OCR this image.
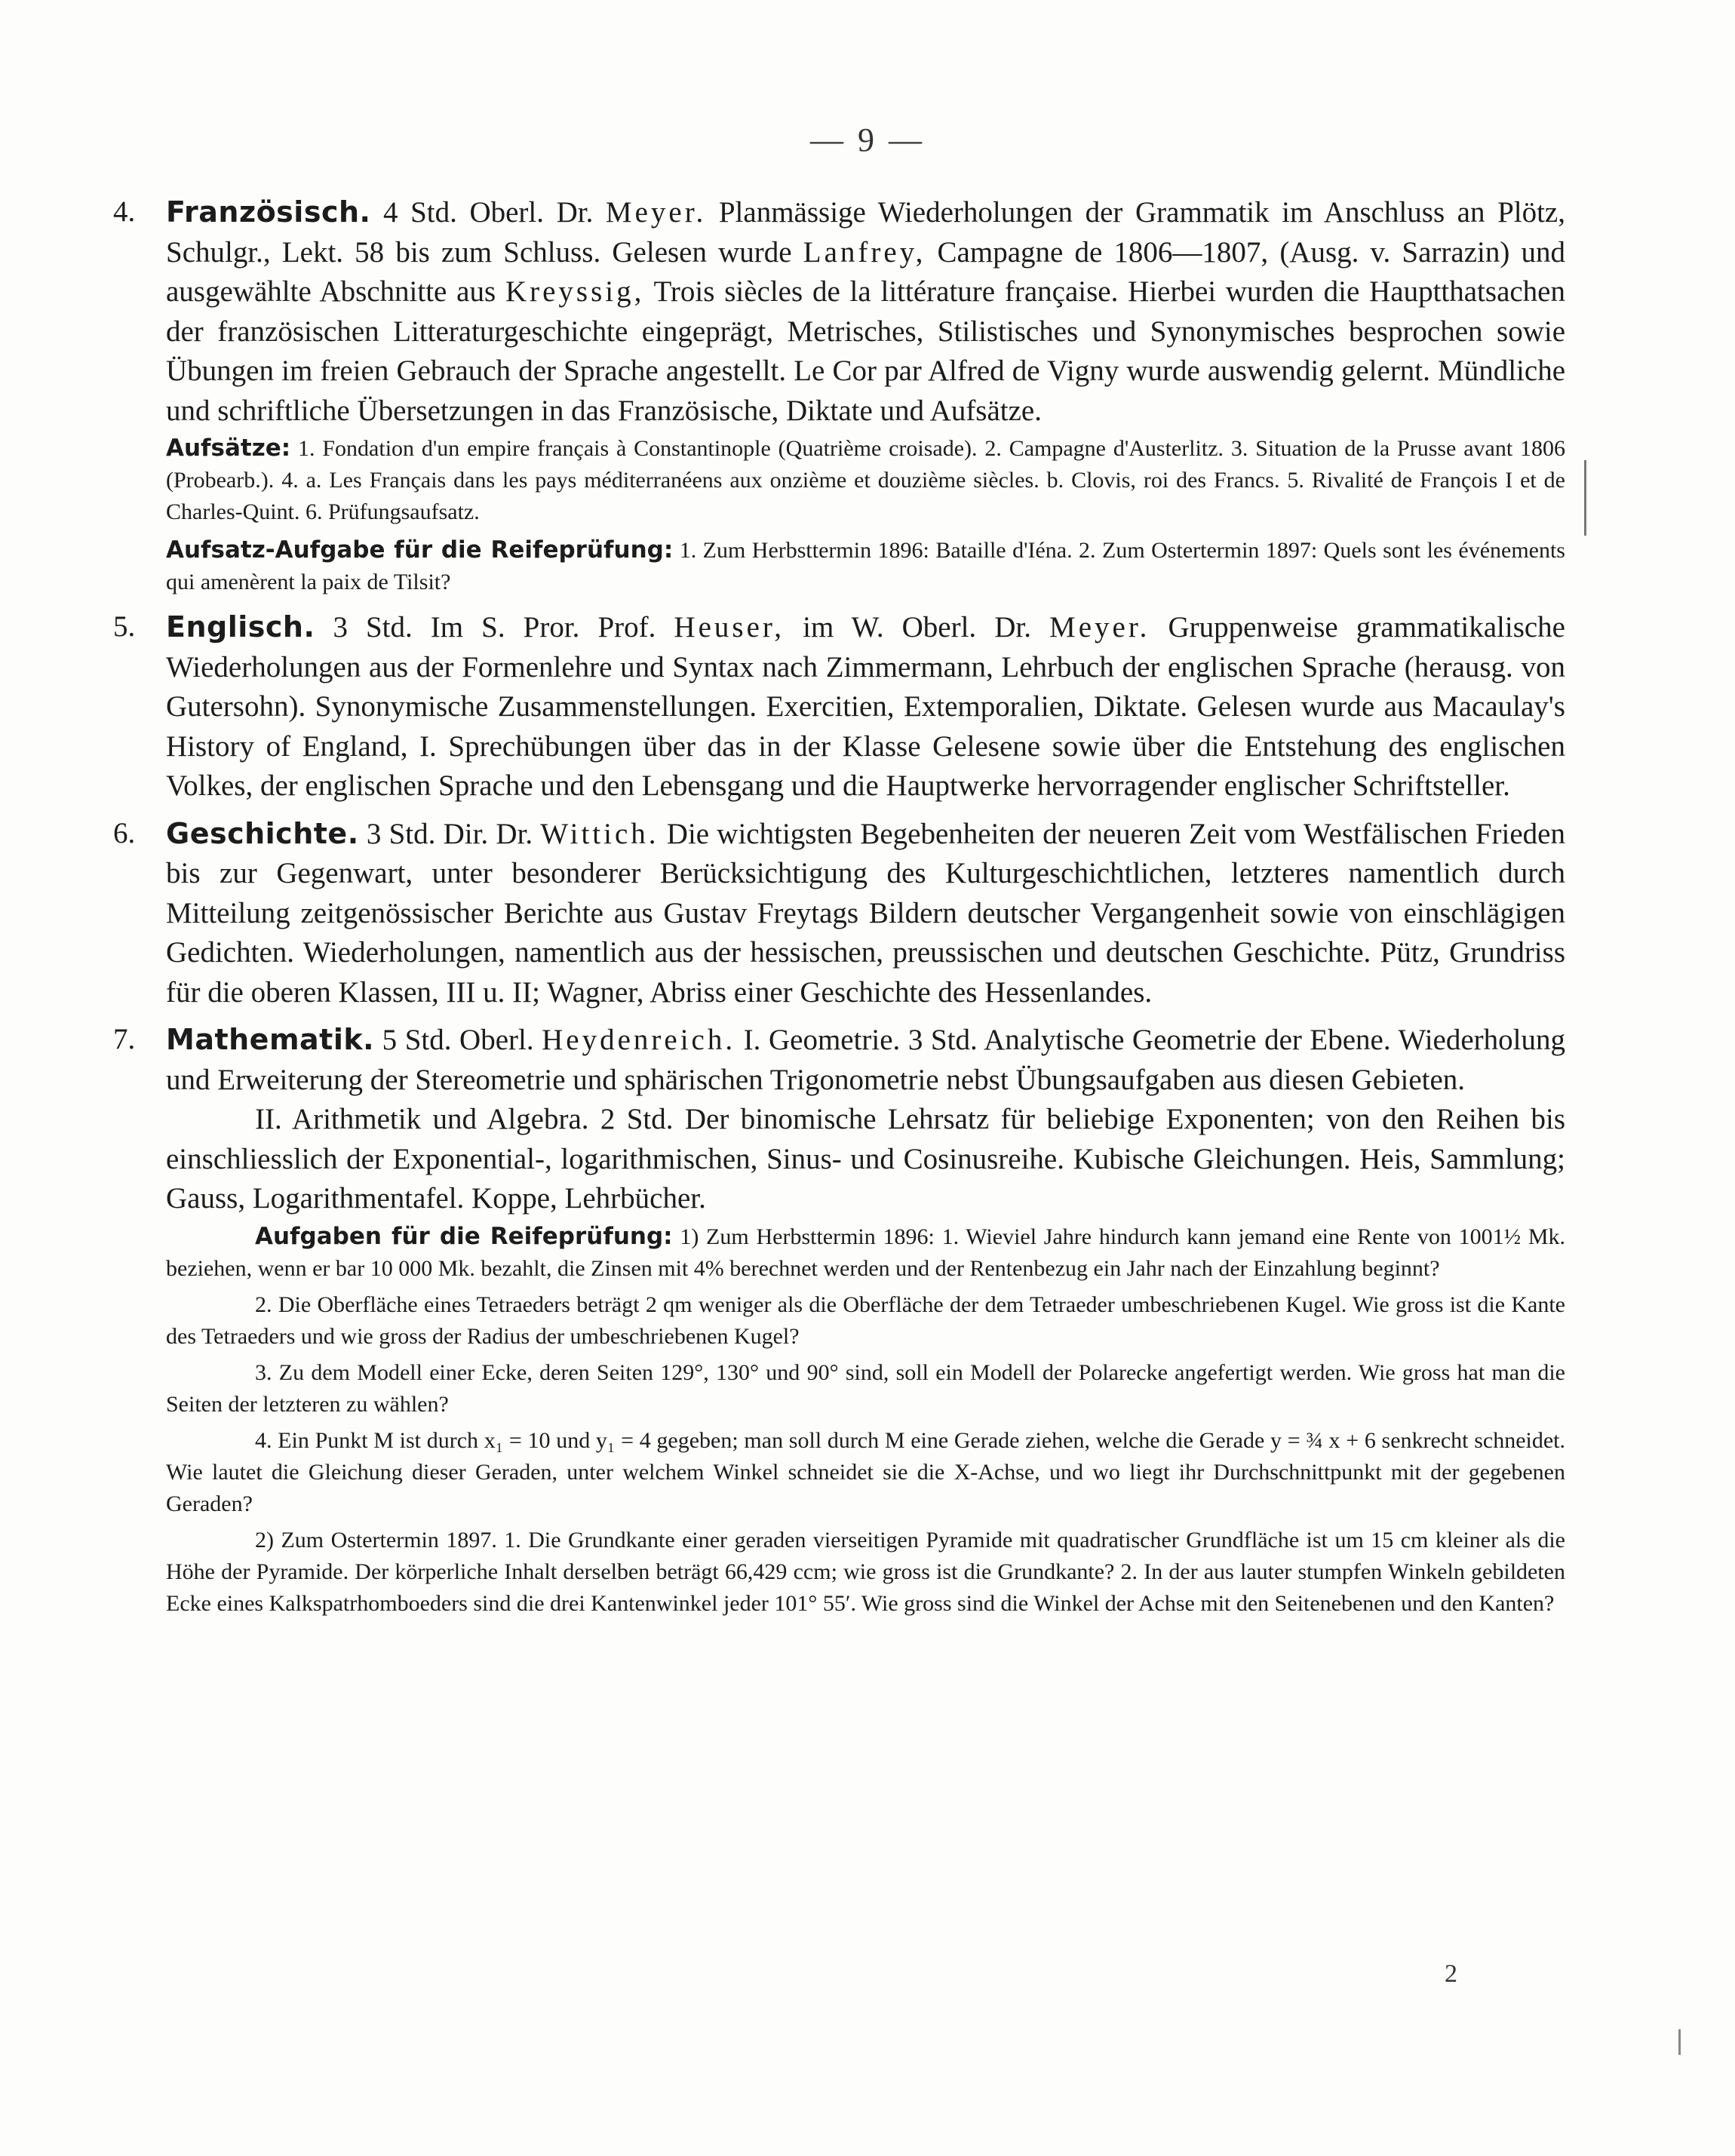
— 9 —

4.	Französisch. 4 Std. Oberl. Dr. Meyer. Planmässige Wiederholungen der Grammatik im Anschluss an Plötz, Schulgr., Lekt. 58 bis zum Schluss. Gelesen wurde Lanfrey, Campagne de 1806—1807, (Ausg. v. Sarrazin) und ausgewählte Abschnitte aus Kreyssig, Trois siècles de la littérature française. Hierbei wurden die Hauptthatsachen der französischen Litteraturgeschichte eingeprägt, Metrisches, Stilistisches und Synonymisches besprochen sowie Übungen im freien Gebrauch der Sprache angestellt. Le Cor par Alfred de Vigny wurde auswendig gelernt. Mündliche und schriftliche Übersetzungen in das Französische, Diktate und Aufsätze.

Aufsätze: 1. Fondation d'un empire français à Constantinople (Quatrième croisade). 2. Campagne d'Austerlitz. 3. Situation de la Prusse avant 1806 (Probearb.). 4. a. Les Français dans les pays méditerranéens aux onzième et douzième siècles. b. Clovis, roi des Francs. 5. Rivalité de François I et de Charles-Quint. 6. Prüfungsaufsatz.

Aufsatz-Aufgabe für die Reifeprüfung: 1. Zum Herbsttermin 1896: Bataille d'Iéna. 2. Zum Ostertermin 1897: Quels sont les événements qui amenèrent la paix de Tilsit?

5.	Englisch. 3 Std. Im S. Pror. Prof. Heuser, im W. Oberl. Dr. Meyer. Gruppenweise grammatikalische Wiederholungen aus der Formenlehre und Syntax nach Zimmermann, Lehrbuch der englischen Sprache (herausg. von Gutersohn). Synonymische Zusammenstellungen. Exercitien, Extemporalien, Diktate. Gelesen wurde aus Macaulay's History of England, I. Sprechübungen über das in der Klasse Gelesene sowie über die Entstehung des englischen Volkes, der englischen Sprache und den Lebensgang und die Hauptwerke hervorragender englischer Schriftsteller.

6.	Geschichte. 3 Std. Dir. Dr. Wittich. Die wichtigsten Begebenheiten der neueren Zeit vom Westfälischen Frieden bis zur Gegenwart, unter besonderer Berücksichtigung des Kulturgeschichtlichen, letzteres namentlich durch Mitteilung zeitgenössischer Berichte aus Gustav Freytags Bildern deutscher Vergangenheit sowie von einschlägigen Gedichten. Wiederholungen, namentlich aus der hessischen, preussischen und deutschen Geschichte. Pütz, Grundriss für die oberen Klassen, III u. II; Wagner, Abriss einer Geschichte des Hessenlandes.

7.	Mathematik. 5 Std. Oberl. Heydenreich. I. Geometrie. 3 Std. Analytische Geometrie der Ebene. Wiederholung und Erweiterung der Stereometrie und sphärischen Trigonometrie nebst Übungsaufgaben aus diesen Gebieten.

II. Arithmetik und Algebra. 2 Std. Der binomische Lehrsatz für beliebige Exponenten; von den Reihen bis einschliesslich der Exponential-, logarithmischen, Sinus- und Cosinusreihe. Kubische Gleichungen. Heis, Sammlung; Gauss, Logarithmentafel. Koppe, Lehrbücher.

Aufgaben für die Reifeprüfung: 1) Zum Herbsttermin 1896: 1. Wieviel Jahre hindurch kann jemand eine Rente von 1001½ Mk. beziehen, wenn er bar 10 000 Mk. bezahlt, die Zinsen mit 4% berechnet werden und der Rentenbezug ein Jahr nach der Einzahlung beginnt?

2. Die Oberfläche eines Tetraeders beträgt 2 qm weniger als die Oberfläche der dem Tetraeder umbeschriebenen Kugel. Wie gross ist die Kante des Tetraeders und wie gross der Radius der umbeschriebenen Kugel?

3. Zu dem Modell einer Ecke, deren Seiten 129°, 130° und 90° sind, soll ein Modell der Polarecke angefertigt werden. Wie gross hat man die Seiten der letzteren zu wählen?

4. Ein Punkt M ist durch x₁ = 10 und y₁ = 4 gegeben; man soll durch M eine Gerade ziehen, welche die Gerade y = ¾ x + 6 senkrecht schneidet. Wie lautet die Gleichung dieser Geraden, unter welchem Winkel schneidet sie die X-Achse, und wo liegt ihr Durchschnittpunkt mit der gegebenen Geraden?

2) Zum Ostertermin 1897. 1. Die Grundkante einer geraden vierseitigen Pyramide mit quadratischer Grundfläche ist um 15 cm kleiner als die Höhe der Pyramide. Der körperliche Inhalt derselben beträgt 66,429 ccm; wie gross ist die Grundkante? 2. In der aus lauter stumpfen Winkeln gebildeten Ecke eines Kalkspatrhomboeders sind die drei Kantenwinkel jeder 101° 55′. Wie gross sind die Winkel der Achse mit den Seitenebenen und den Kanten?

2
